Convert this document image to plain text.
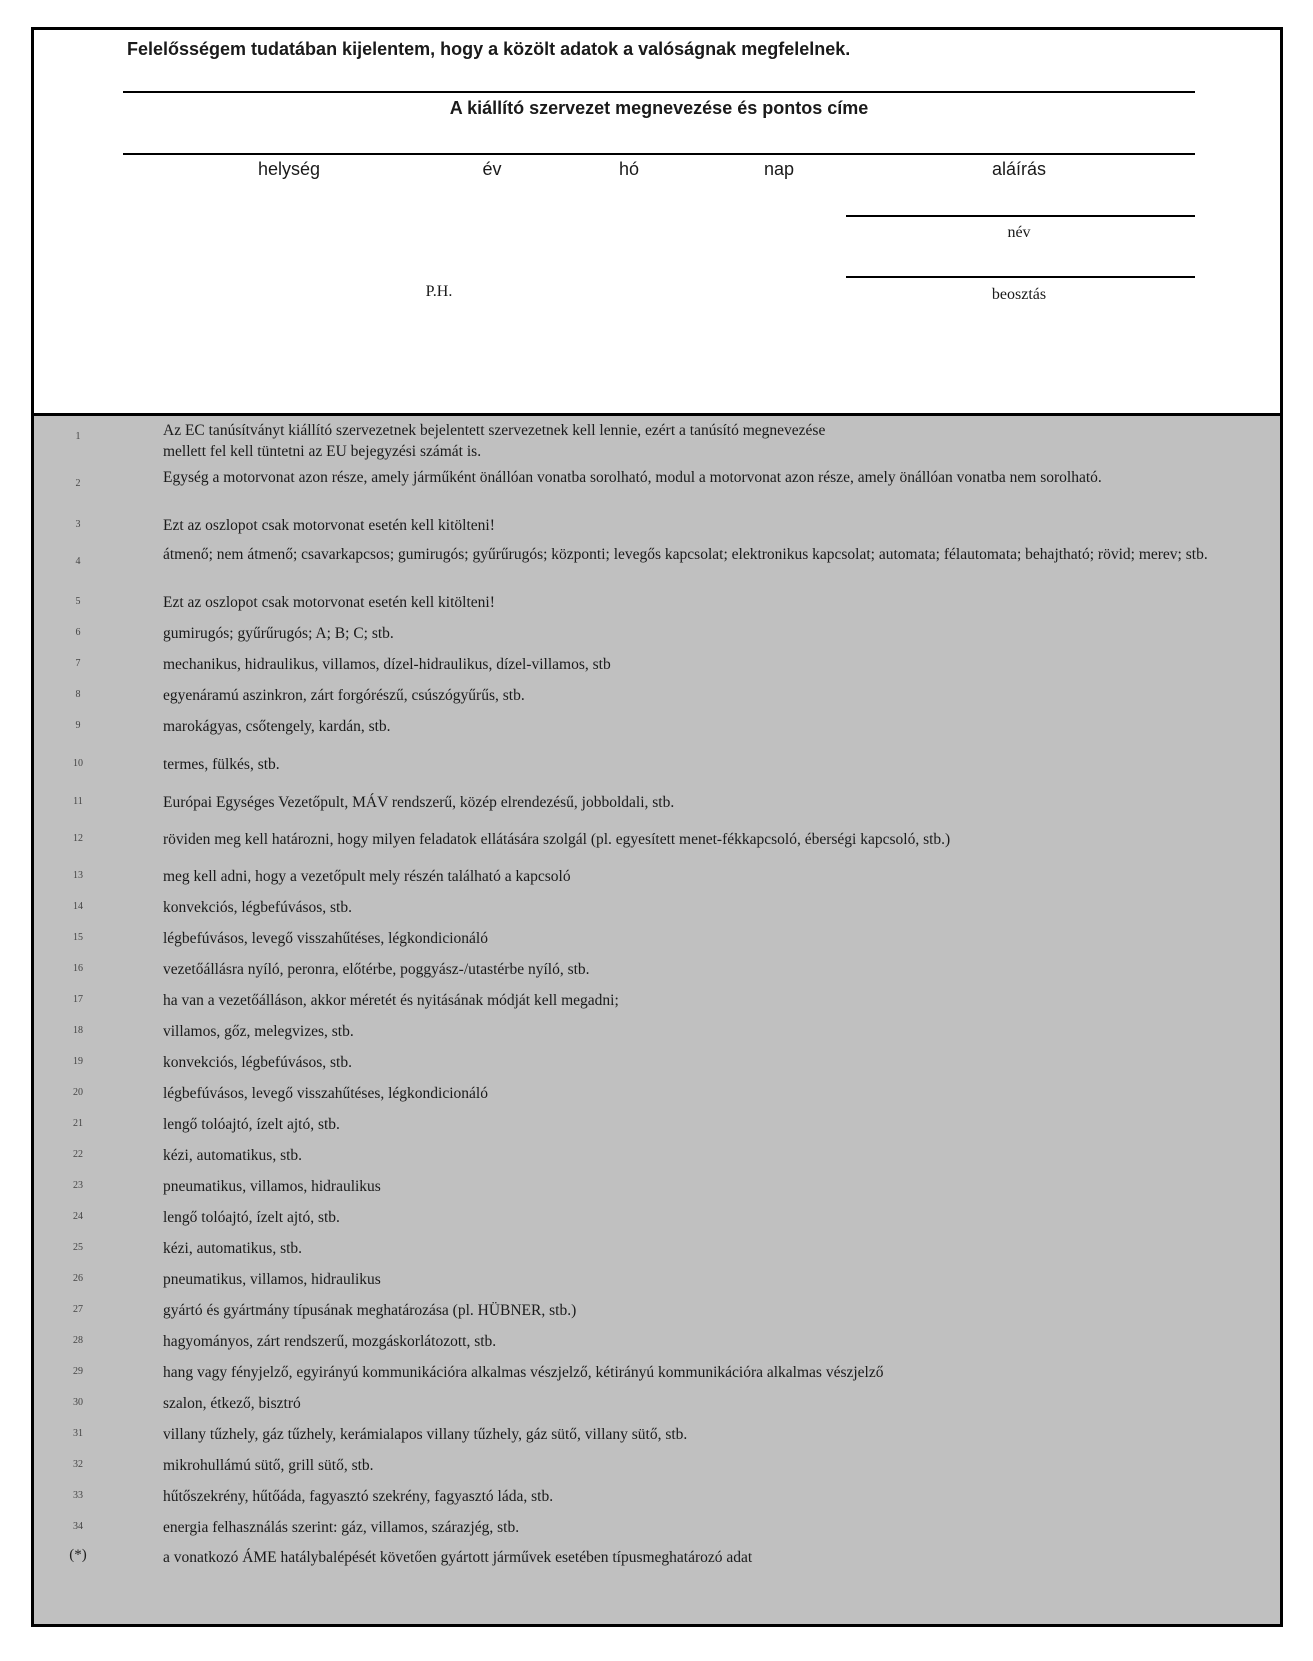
Felelősségem tudatában kijelentem, hogy a közölt adatok a valóságnak megfelelnek.
A kiállító szervezet megnevezése és pontos címe
helység	év	hó	nap	aláírás
név
P.H.	beosztás
1	Az EC tanúsítványt kiállító szervezetnek bejelentett szervezetnek kell lennie, ezért a tanúsító megnevezése mellett fel kell tüntetni az EU bejegyzési számát is.
2	Egység a motorvonat azon része, amely járműként önállóan vonatba sorolható, modul a motorvonat azon része, amely önállóan vonatba nem sorolható.
3	Ezt az oszlopot csak motorvonat esetén kell kitölteni!
4	átmenő; nem átmenő; csavarkapcsos; gumirugós; gyűrűrugós; központi; levegős kapcsolat; elektronikus kapcsolat; automata; félautomata; behajtható; rövid; merev; stb.
5	Ezt az oszlopot csak motorvonat esetén kell kitölteni!
6	gumirugós; gyűrűrugós; A; B; C; stb.
7	mechanikus, hidraulikus, villamos, dízel-hidraulikus, dízel-villamos, stb
8	egyenáramú aszinkron, zárt forgórészű, csúszógyűrűs, stb.
9	marokágyas, csőtengely, kardán, stb.
10	termes, fülkés, stb.
11	Európai Egységes Vezetőpult, MÁV rendszerű, közép elrendezésű, jobboldali, stb.
12	röviden meg kell határozni, hogy milyen feladatok ellátására szolgál (pl. egyesített menet-fékkapcsoló, éberségi kapcsoló, stb.)
13	meg kell adni, hogy a vezetőpult mely részén található a kapcsoló
14	konvekciós, légbefúvásos, stb.
15	légbefúvásos, levegő visszahűtéses, légkondicionáló
16	vezetőállásra nyíló, peronra, előtérbe, poggyász-/utastérbe nyíló, stb.
17	ha van a vezetőálláson, akkor méretét és nyitásának módját kell megadni;
18	villamos, gőz, melegvizes, stb.
19	konvekciós, légbefúvásos, stb.
20	légbefúvásos, levegő visszahűtéses, légkondicionáló
21	lengő tolóajtó, ízelt ajtó, stb.
22	kézi, automatikus, stb.
23	pneumatikus, villamos, hidraulikus
24	lengő tolóajtó, ízelt ajtó, stb.
25	kézi, automatikus, stb.
26	pneumatikus, villamos, hidraulikus
27	gyártó és gyártmány típusának meghatározása (pl. HÜBNER, stb.)
28	hagyományos, zárt rendszerű, mozgáskorlátozott, stb.
29	hang vagy fényjelző, egyirányú kommunikációra alkalmas vészjelző, kétirányú kommunikációra alkalmas vészjelző
30	szalon, étkező, bisztró
31	villany tűzhely, gáz tűzhely, kerámialapos villany tűzhely, gáz sütő, villany sütő, stb.
32	mikrohullámú sütő, grill sütő, stb.
33	hűtőszekrény, hűtőáda, fagyasztó szekrény, fagyasztó láda, stb.
34	energia felhasználás szerint: gáz, villamos, szárazjég, stb.
(*)	a vonatkozó ÁME hatálybalépését követően gyártott járművek esetében típusmeghatározó adat
